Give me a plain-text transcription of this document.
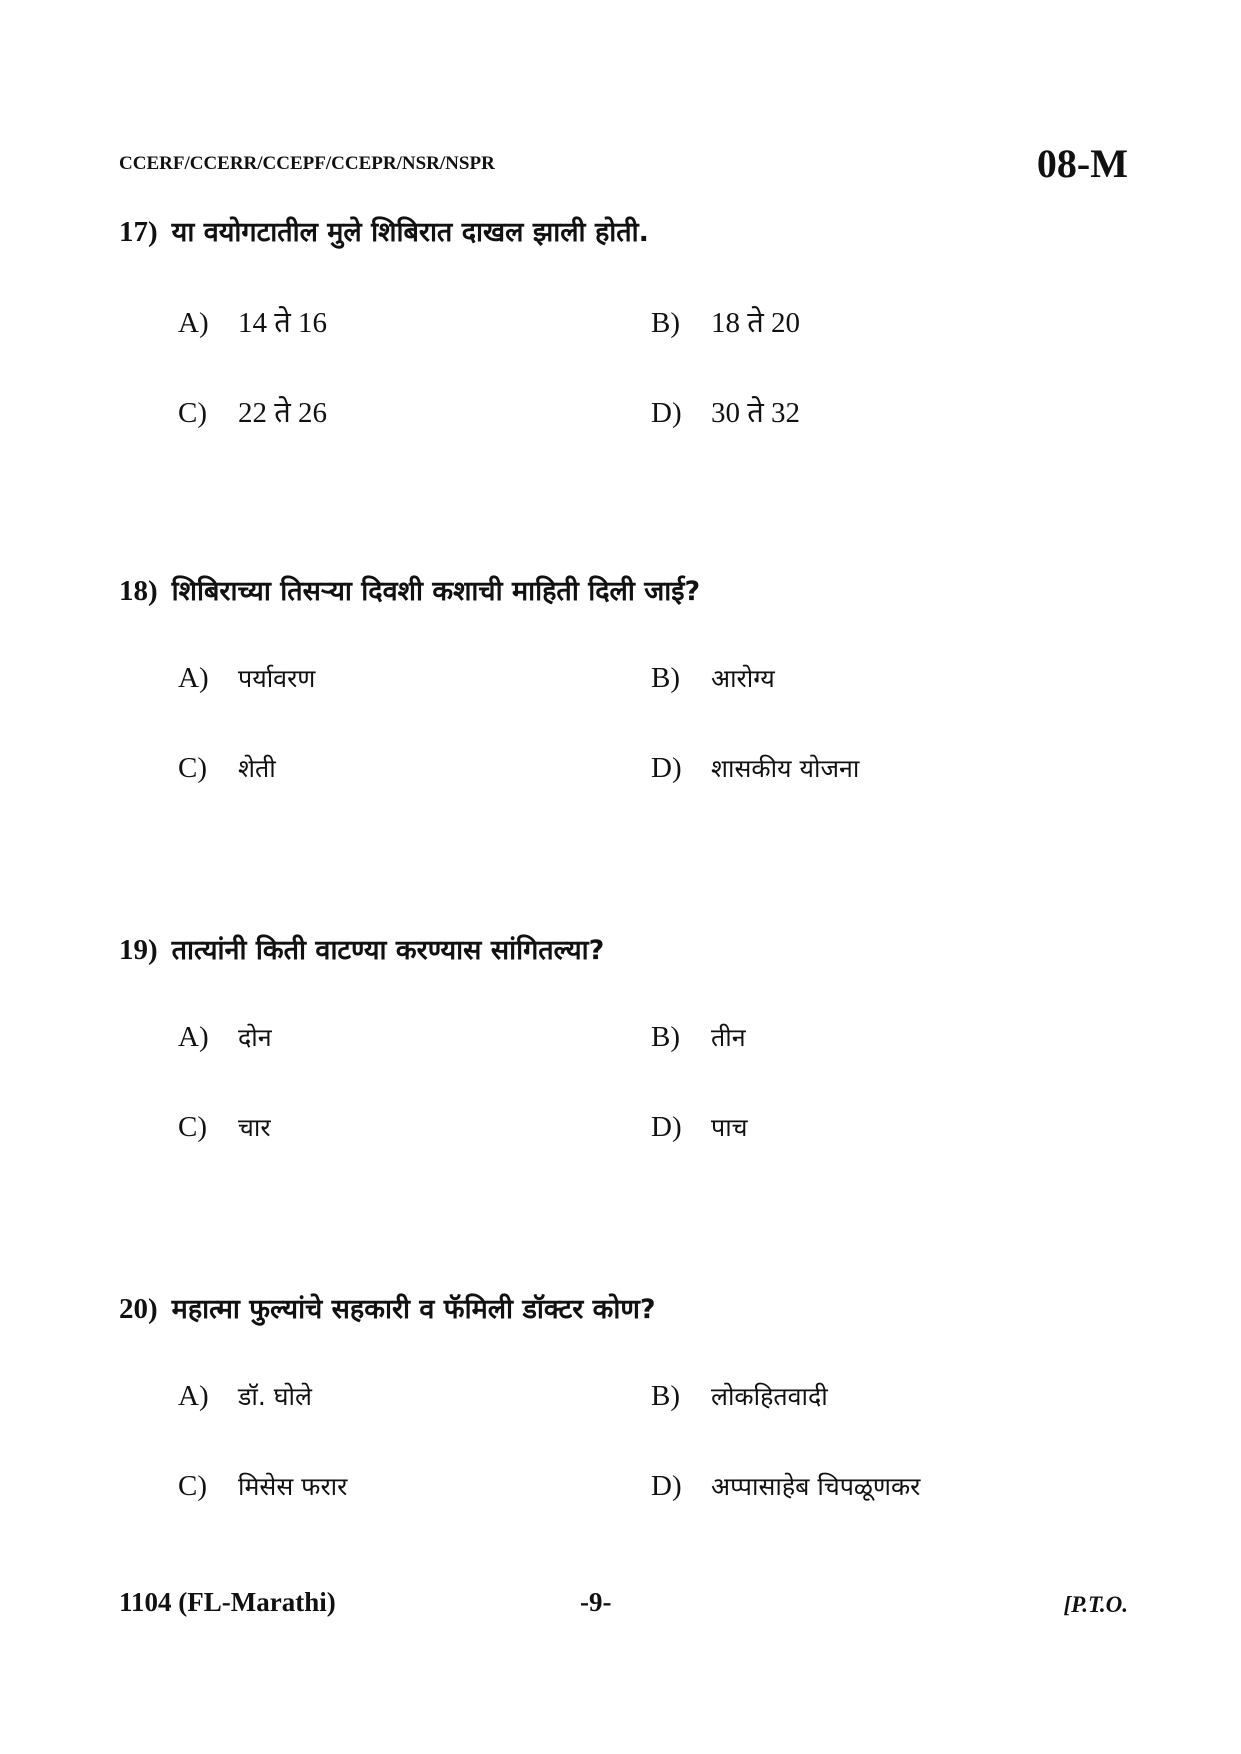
CCERF/CCERR/CCEPF/CCEPR/NSR/NSPR	08-M
17) या वयोगटातील मुले शिबिरात दाखल झाली होती.
A) 14 ते 16	B) 18 ते 20
C) 22 ते 26	D) 30 ते 32
18) शिबिराच्या तिसऱ्या दिवशी कशाची माहिती दिली जाई?
A) पर्यावरण	B) आरोग्य
C) शेती	D) शासकीय योजना
19) तात्यांनी किती वाटण्या करण्यास सांगितल्या?
A) दोन	B) तीन
C) चार	D) पाच
20) महात्मा फुल्यांचे सहकारी व फॅमिली डॉक्टर कोण?
A) डॉ. घोले	B) लोकहितवादी
C) मिसेस फरार	D) अप्पासाहेब चिपळूणकर
1104 (FL-Marathi)	-9-	[P.T.O.
